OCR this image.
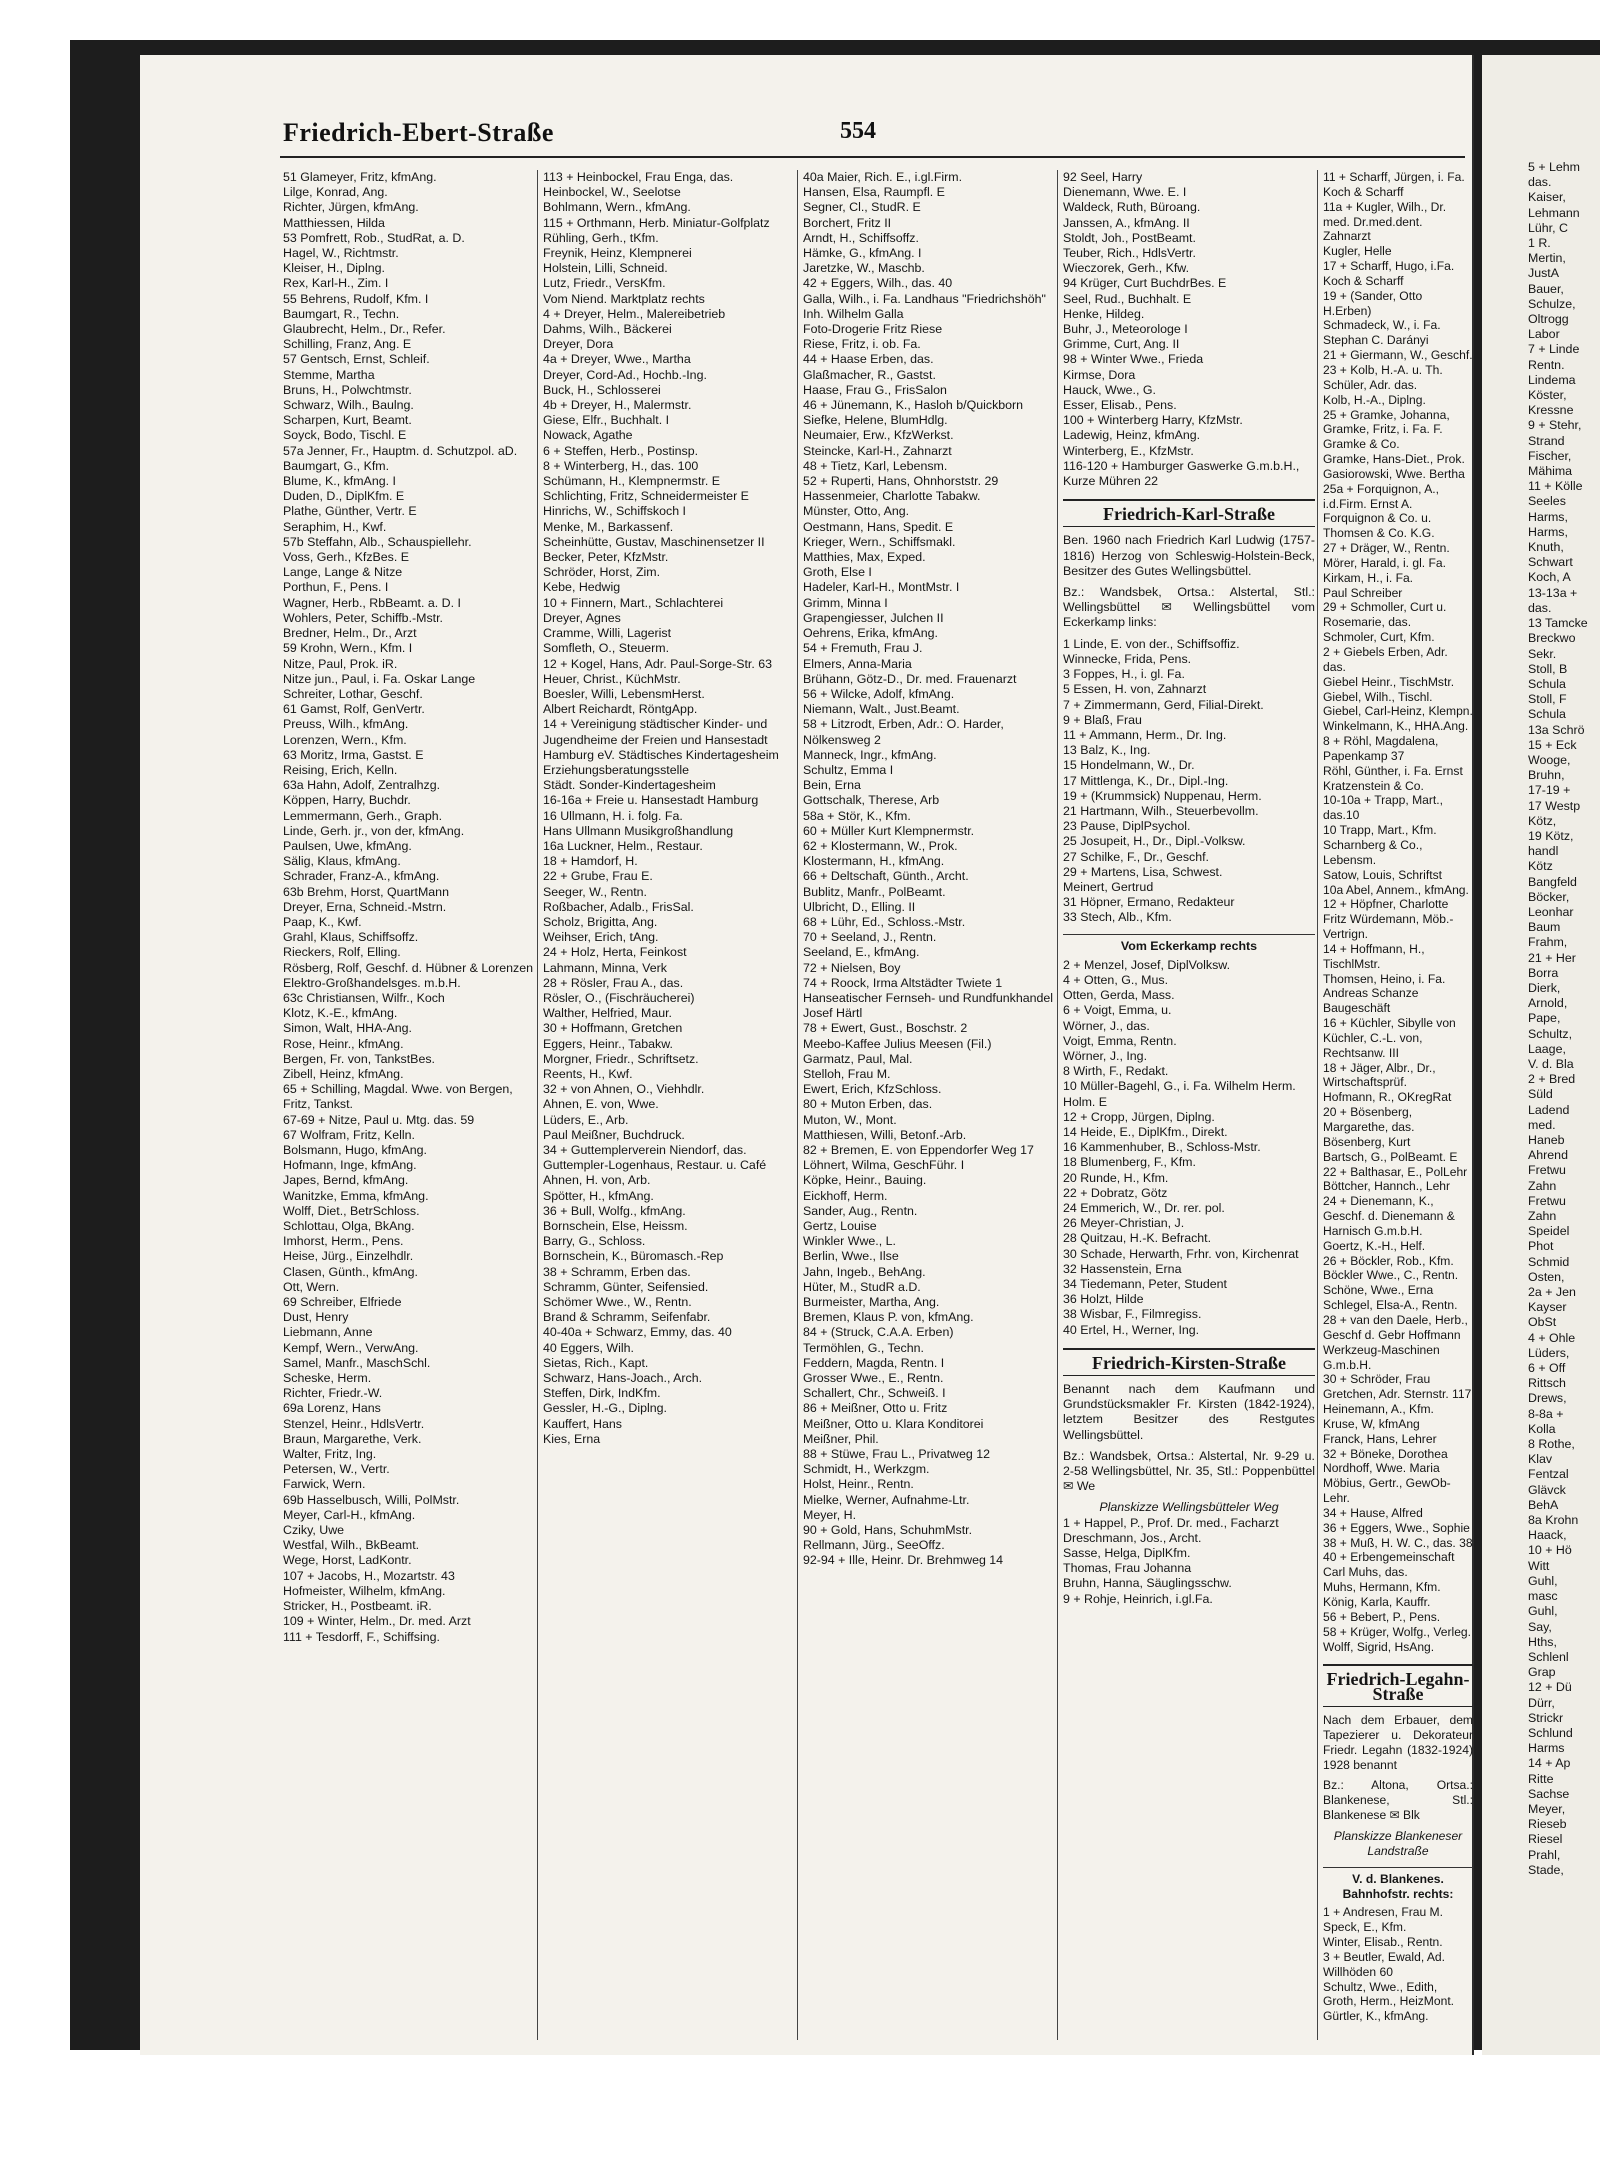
Friedrich-Ebert-Straße	554

51 Glameyer, Fritz, kfmAng.

Lilge, Konrad, Ang.

Richter, Jürgen, kfmAng.

Matthiessen, Hilda

53 Pomfrett, Rob., StudRat, a. D.

Hagel, W., Richtmstr.

Kleiser, H., Diplng.

Rex, Karl-H., Zim. I

55 Behrens, Rudolf, Kfm. I

Baumgart, R., Techn.

Glaubrecht, Helm., Dr., Refer.

Schilling, Franz, Ang. E

57 Gentsch, Ernst, Schleif.

Stemme, Martha

Bruns, H., Polwchtmstr.

Schwarz, Wilh., Baulng.

Scharpen, Kurt, Beamt.

Soyck, Bodo, Tischl. E

57a Jenner, Fr., Hauptm. d. Schutzpol. aD.

Baumgart, G., Kfm.

Blume, K., kfmAng. I

Duden, D., DiplKfm. E

Plathe, Günther, Vertr. E

Seraphim, H., Kwf.

57b Steffahn, Alb., Schauspiellehr.

Voss, Gerh., KfzBes. E

Lange, Lange & Nitze

Porthun, F., Pens. I

Wagner, Herb., RbBeamt. a. D. I

Wohlers, Peter, Schiffb.-Mstr.

Bredner, Helm., Dr., Arzt

59 Krohn, Wern., Kfm. I

Nitze, Paul, Prok. iR.

Nitze jun., Paul, i. Fa. Oskar Lange

Schreiter, Lothar, Geschf.

61 Gamst, Rolf, GenVertr.

Preuss, Wilh., kfmAng.

Lorenzen, Wern., Kfm.

63 Moritz, Irma, Gastst. E

Reising, Erich, Kelln.

63a Hahn, Adolf, Zentralhzg.

Köppen, Harry, Buchdr.

Lemmermann, Gerh., Graph.

Linde, Gerh. jr., von der, kfmAng.

Paulsen, Uwe, kfmAng.

Sälig, Klaus, kfmAng.

Schrader, Franz-A., kfmAng.

63b Brehm, Horst, QuartMann

Dreyer, Erna, Schneid.-Mstrn.

Paap, K., Kwf.

Grahl, Klaus, Schiffsoffz.

Rieckers, Rolf, Elling.

Rösberg, Rolf, Geschf. d. Hübner & Lorenzen Elektro-Großhandelsges. m.b.H.

63c Christiansen, Wilfr., Koch

Klotz, K.-E., kfmAng.

Simon, Walt, HHA-Ang.

Rose, Heinr., kfmAng.

Bergen, Fr. von, TankstBes.

Zibell, Heinz, kfmAng.

65 + Schilling, Magdal. Wwe. von Bergen, Fritz, Tankst.

67-69 + Nitze, Paul u. Mtg. das. 59

67 Wolfram, Fritz, Kelln.

Bolsmann, Hugo, kfmAng.

Hofmann, Inge, kfmAng.

Japes, Bernd, kfmAng.

Wanitzke, Emma, kfmAng.

Wolff, Diet., BetrSchloss.

Schlottau, Olga, BkAng.

Imhorst, Herm., Pens.

Heise, Jürg., Einzelhdlr.

Clasen, Günth., kfmAng.

Ott, Wern.

69 Schreiber, Elfriede

Dust, Henry

Liebmann, Anne

Kempf, Wern., VerwAng.

Samel, Manfr., MaschSchl.

Scheske, Herm.

Richter, Friedr.-W.

69a Lorenz, Hans

Stenzel, Heinr., HdlsVertr.

Braun, Margarethe, Verk.

Walter, Fritz, Ing.

Petersen, W., Vertr.

Farwick, Wern.

69b Hasselbusch, Willi, PolMstr.

Meyer, Carl-H., kfmAng.

Cziky, Uwe

Westfal, Wilh., BkBeamt.

Wege, Horst, LadKontr.

107 + Jacobs, H., Mozartstr. 43

Hofmeister, Wilhelm, kfmAng.

Stricker, H., Postbeamt. iR.

109 + Winter, Helm., Dr. med. Arzt

111 + Tesdorff, F., Schiffsing.

113 + Heinbockel, Frau Enga, das.

Heinbockel, W., Seelotse

Bohlmann, Wern., kfmAng.

115 + Orthmann, Herb. Miniatur-Golfplatz

Rühling, Gerh., tKfm.

Freynik, Heinz, Klempnerei

Holstein, Lilli, Schneid.

Lutz, Friedr., VersKfm.

Vom Niend. Marktplatz rechts

4 + Dreyer, Helm., Malereibetrieb

Dahms, Wilh., Bäckerei

Dreyer, Dora

4a + Dreyer, Wwe., Martha

Dreyer, Cord-Ad., Hochb.-Ing.

Buck, H., Schlosserei

4b + Dreyer, H., Malermstr.

Giese, Elfr., Buchhalt. I

Nowack, Agathe

6 + Steffen, Herb., Postinsp.

8 + Winterberg, H., das. 100

Schümann, H., Klempnermstr. E

Schlichting, Fritz, Schneidermeister E

Hinrichs, W., Schiffskoch I

Menke, M., Barkassenf.

Scheinhütte, Gustav, Maschinensetzer II

Becker, Peter, KfzMstr.

Schröder, Horst, Zim.

Kebe, Hedwig

10 + Finnern, Mart., Schlachterei

Dreyer, Agnes

Cramme, Willi, Lagerist

Somfleth, O., Steuerm.

12 + Kogel, Hans, Adr. Paul-Sorge-Str. 63

Heuer, Christ., KüchMstr.

Boesler, Willi, LebensmHerst.

Albert Reichardt, RöntgApp.

14 + Vereinigung städtischer Kinder- und Jugendheime der Freien und Hansestadt Hamburg eV. Städtisches Kindertagesheim

Erziehungsberatungsstelle

Städt. Sonder-Kindertagesheim

16-16a + Freie u. Hansestadt Hamburg

16 Ullmann, H. i. folg. Fa.

Hans Ullmann Musikgroßhandlung

16a Luckner, Helm., Restaur.

18 + Hamdorf, H.

22 + Grube, Frau E.

Seeger, W., Rentn.

Roßbacher, Adalb., FrisSal.

Scholz, Brigitta, Ang.

Weihser, Erich, tAng.

24 + Holz, Herta, Feinkost

Lahmann, Minna, Verk

28 + Rösler, Frau A., das.

Rösler, O., (Fischräucherei)

Walther, Helfried, Maur.

30 + Hoffmann, Gretchen

Eggers, Heinr., Tabakw.

Morgner, Friedr., Schriftsetz.

Reents, H., Kwf.

32 + von Ahnen, O., Viehhdlr.

Ahnen, E. von, Wwe.

Lüders, E., Arb.

Paul Meißner, Buchdruck.

34 + Guttemplerverein Niendorf, das.

Guttempler-Logenhaus, Restaur. u. Café

Ahnen, H. von, Arb.

Spötter, H., kfmAng.

36 + Bull, Wolfg., kfmAng.

Bornschein, Else, Heissm.

Barry, G., Schloss.

Bornschein, K., Büromasch.-Rep

38 + Schramm, Erben das.

Schramm, Günter, Seifensied.

Schömer Wwe., W., Rentn.

Brand & Schramm, Seifenfabr.

40-40a + Schwarz, Emmy, das. 40

40 Eggers, Wilh.

Sietas, Rich., Kapt.

Schwarz, Hans-Joach., Arch.

Steffen, Dirk, IndKfm.

Gessler, H.-G., Diplng.

Kauffert, Hans

Kies, Erna

40a Maier, Rich. E., i.gl.Firm.

Hansen, Elsa, Raumpfl. E

Segner, Cl., StudR. E

Borchert, Fritz II

Arndt, H., Schiffsoffz.

Hämke, G., kfmAng. I

Jaretzke, W., Maschb.

42 + Eggers, Wilh., das. 40

Galla, Wilh., i. Fa. Landhaus "Friedrichshöh"

Inh. Wilhelm Galla

Foto-Drogerie Fritz Riese

Riese, Fritz, i. ob. Fa.

44 + Haase Erben, das.

Glaßmacher, R., Gastst.

Haase, Frau G., FrisSalon

46 + Jünemann, K., Hasloh b/Quickborn

Siefke, Helene, BlumHdlg.

Neumaier, Erw., KfzWerkst.

Steincke, Karl-H., Zahnarzt

48 + Tietz, Karl, Lebensm.

52 + Ruperti, Hans, Ohnhorststr. 29

Hassenmeier, Charlotte Tabakw.

Münster, Otto, Ang.

Oestmann, Hans, Spedit. E

Krieger, Wern., Schiffsmakl.

Matthies, Max, Exped.

Groth, Else I

Hadeler, Karl-H., MontMstr. I

Grimm, Minna I

Grapengiesser, Julchen II

Oehrens, Erika, kfmAng.

54 + Fremuth, Frau J.

Elmers, Anna-Maria

Brühann, Götz-D., Dr. med. Frauenarzt

56 + Wilcke, Adolf, kfmAng.

Niemann, Walt., Just.Beamt.

58 + Litzrodt, Erben, Adr.: O. Harder, Nölkensweg 2

Manneck, Ingr., kfmAng.

Schultz, Emma I

Bein, Erna

Gottschalk, Therese, Arb

58a + Stör, K., Kfm.

60 + Müller Kurt Klempnermstr.

62 + Klostermann, W., Prok.

Klostermann, H., kfmAng.

66 + Deltschaft, Günth., Archt.

Bublitz, Manfr., PolBeamt.

Ulbricht, D., Elling. II

68 + Lühr, Ed., Schloss.-Mstr.

70 + Seeland, J., Rentn.

Seeland, E., kfmAng.

72 + Nielsen, Boy

74 + Roock, Irma Altstädter Twiete 1

Hanseatischer Fernseh- und Rundfunkhandel Josef Härtl

78 + Ewert, Gust., Boschstr. 2

Meebo-Kaffee Julius Meesen (Fil.)

Garmatz, Paul, Mal.

Stelloh, Frau M.

Ewert, Erich, KfzSchloss.

80 + Muton Erben, das.

Muton, W., Mont.

Matthiesen, Willi, Betonf.-Arb.

82 + Bremen, E. von Eppendorfer Weg 17

Löhnert, Wilma, GeschFühr. I

Köpke, Heinr., Bauing.

Eickhoff, Herm.

Sander, Aug., Rentn.

Gertz, Louise

Winkler Wwe., L.

Berlin, Wwe., Ilse

Jahn, Ingeb., BehAng.

Hüter, M., StudR a.D.

Burmeister, Martha, Ang.

Bremen, Klaus P. von, kfmAng.

84 + (Struck, C.A.A. Erben)

Termöhlen, G., Techn.

Feddern, Magda, Rentn. I

Grosser Wwe., E., Rentn.

Schallert, Chr., Schweiß. I

86 + Meißner, Otto u. Fritz

Meißner, Otto u. Klara Konditorei

Meißner, Phil.

88 + Stüwe, Frau L., Privatweg 12

Schmidt, H., Werkzgm.

Holst, Heinr., Rentn.

Mielke, Werner, Aufnahme-Ltr.

Meyer, H.

90 + Gold, Hans, SchuhmMstr.

Rellmann, Jürg., SeeOffz.

92-94 + Ille, Heinr. Dr. Brehmweg 14

92 Seel, Harry

Dienemann, Wwe. E. I

Waldeck, Ruth, Büroang.

Janssen, A., kfmAng. II

Stoldt, Joh., PostBeamt.

Teuber, Rich., HdlsVertr.

Wieczorek, Gerh., Kfw.

94 Krüger, Curt BuchdrBes. E

Seel, Rud., Buchhalt. E

Henke, Hildeg.

Buhr, J., Meteorologe I

Grimme, Curt, Ang. II

98 + Winter Wwe., Frieda

Kirmse, Dora

Hauck, Wwe., G.

Esser, Elisab., Pens.

100 + Winterberg Harry, KfzMstr.

Ladewig, Heinz, kfmAng.

Winterberg, E., KfzMstr.

116-120 + Hamburger Gaswerke G.m.b.H., Kurze Mühren 22

Friedrich-Karl-Straße
Ben. 1960 nach Friedrich Karl Ludwig (1757-1816) Herzog von Schleswig-Holstein-Beck, Besitzer des Gutes Wellingsbüttel.
Bz.: Wandsbek, Ortsa.: Alstertal, Stl.: Wellingsbüttel ✉ Wellingsbüttel vom Eckerkamp links:

1 Linde, E. von der., Schiffsoffiz.

Winnecke, Frida, Pens.

3 Foppes, H., i. gl. Fa.

5 Essen, H. von, Zahnarzt

7 + Zimmermann, Gerd, Filial-Direkt.

9 + Blaß, Frau

11 + Ammann, Herm., Dr. Ing.

13 Balz, K., Ing.

15 Hondelmann, W., Dr.

17 Mittlenga, K., Dr., Dipl.-Ing.

19 + (Krummsick) Nuppenau, Herm.

21 Hartmann, Wilh., Steuerbevollm.

23 Pause, DiplPsychol.

25 Josupeit, H., Dr., Dipl.-Volksw.

27 Schilke, F., Dr., Geschf.

29 + Martens, Lisa, Schwest.

Meinert, Gertrud

31 Höpner, Ermano, Redakteur

33 Stech, Alb., Kfm.

Vom Eckerkamp rechts

2 + Menzel, Josef, DiplVolksw.

4 + Otten, G., Mus.

Otten, Gerda, Mass.

6 + Voigt, Emma, u.

Wörner, J., das.

Voigt, Emma, Rentn.

Wörner, J., Ing.

8 Wirth, F., Redakt.

10 Müller-Bagehl, G., i. Fa. Wilhelm Herm. Holm. E

12 + Cropp, Jürgen, Diplng.

14 Heide, E., DiplKfm., Direkt.

16 Kammenhuber, B., Schloss-Mstr.

18 Blumenberg, F., Kfm.

20 Runde, H., Kfm.

22 + Dobratz, Götz

24 Emmerich, W., Dr. rer. pol.

26 Meyer-Christian, J.

28 Quitzau, H.-K. Befracht.

30 Schade, Herwarth, Frhr. von, Kirchenrat

32 Hassenstein, Erna

34 Tiedemann, Peter, Student

36 Holzt, Hilde

38 Wisbar, F., Filmregiss.

40 Ertel, H., Werner, Ing.

Friedrich-Kirsten-Straße
Benannt nach dem Kaufmann und Grundstücksmakler Fr. Kirsten (1842-1924), letztem Besitzer des Restgutes Wellingsbüttel.
Bz.: Wandsbek, Ortsa.: Alstertal, Nr. 9-29 u. 2-58 Wellingsbüttel, Nr. 35, Stl.: Poppenbüttel ✉ We
Planskizze Wellingsbütteler Weg

1 + Happel, P., Prof. Dr. med., Facharzt

Dreschmann, Jos., Archt.

Sasse, Helga, DiplKfm.

Thomas, Frau Johanna

Bruhn, Hanna, Säuglingsschw.

9 + Rohje, Heinrich, i.gl.Fa.

11 + Scharff, Jürgen, i. Fa. Koch & Scharff

11a + Kugler, Wilh., Dr. med. Dr.med.dent. Zahnarzt

Kugler, Helle

17 + Scharff, Hugo, i.Fa. Koch & Scharff

19 + (Sander, Otto H.Erben)

Schmadeck, W., i. Fa. Stephan C. Darányi

21 + Giermann, W., Geschf.

23 + Kolb, H.-A. u. Th. Schüler, Adr. das.

Kolb, H.-A., Diplng.

25 + Gramke, Johanna,

Gramke, Fritz, i. Fa. F. Gramke & Co.

Gramke, Hans-Diet., Prok.

Gasiorowski, Wwe. Bertha

25a + Forquignon, A., i.d.Firm. Ernst A. Forquignon & Co. u. Thomsen & Co. K.G.

27 + Dräger, W., Rentn.

Mörer, Harald, i. gl. Fa.

Kirkam, H., i. Fa.

Paul Schreiber

29 + Schmoller, Curt u. Rosemarie, das.

Schmoler, Curt, Kfm.

2 + Giebels Erben, Adr. das.

Giebel Heinr., TischMstr.

Giebel, Wilh., Tischl.

Giebel, Carl-Heinz, Klempn.

Winkelmann, K., HHA.Ang.

8 + Röhl, Magdalena, Papenkamp 37

Röhl, Günther, i. Fa. Ernst Kratzenstein & Co.

10-10a + Trapp, Mart., das.10

10 Trapp, Mart., Kfm.

Scharnberg & Co., Lebensm.

Satow, Louis, Schriftst

10a Abel, Annem., kfmAng.

12 + Höpfner, Charlotte

Fritz Würdemann, Möb.-Vertrign.

14 + Hoffmann, H., TischlMstr.

Thomsen, Heino, i. Fa. Andreas Schanze Baugeschäft

16 + Küchler, Sibylle von

Küchler, C.-L. von, Rechtsanw. III

18 + Jäger, Albr., Dr., Wirtschaftsprüf.

Hofmann, R., OKregRat

20 + Bösenberg, Margarethe, das.

Bösenberg, Kurt

Bartsch, G., PolBeamt. E

22 + Balthasar, E., PolLehr

Böttcher, Hannch., Lehr

24 + Dienemann, K., Geschf. d. Dienemann & Harnisch G.m.b.H.

Goertz, K.-H., Helf.

26 + Böckler, Rob., Kfm.

Böckler Wwe., C., Rentn.

Schöne, Wwe., Erna

Schlegel, Elsa-A., Rentn.

28 + van den Daele, Herb., Geschf d. Gebr Hoffmann Werkzeug-Maschinen G.m.b.H.

30 + Schröder, Frau Gretchen, Adr. Sternstr. 117

Heinemann, A., Kfm.

Kruse, W, kfmAng

Franck, Hans, Lehrer

32 + Böneke, Dorothea

Nordhoff, Wwe. Maria

Möbius, Gertr., GewOb-Lehr.

34 + Hause, Alfred

36 + Eggers, Wwe., Sophie

38 + Muß, H. W. C., das. 38

40 + Erbengemeinschaft

Carl Muhs, das.

Muhs, Hermann, Kfm.

König, Karla, Kauffr.

56 + Bebert, P., Pens.

58 + Krüger, Wolfg., Verleg.

Wolff, Sigrid, HsAng.

Friedrich-Legahn-Straße
Nach dem Erbauer, dem Tapezierer u. Dekorateur Friedr. Legahn (1832-1924) 1928 benannt
Bz.: Altona, Ortsa.: Blankenese, Stl.: Blankenese ✉ Blk
Planskizze Blankeneser Landstraße
V. d. Blankenes. Bahnhofstr. rechts:

1 + Andresen, Frau M.

Speck, E., Kfm.

Winter, Elisab., Rentn.

3 + Beutler, Ewald, Ad. Willhöden 60

Schultz, Wwe., Edith,

Groth, Herm., HeizMont.

Gürtler, K., kfmAng.

5 + Lehm

das.

Kaiser,

Lehmann

Lühr, C

1 R.

Mertin,

JustA

Bauer,

Schulze,

Oltrogg

Labor

7 + Linde

Rentn.

Lindema

Köster,

Kressne

9 + Stehr,

Strand

Fischer,

Mähima

11 + Kölle

Seeles

Harms,

Harms,

Knuth,

Schwart

Koch, A

13-13a +

das.

13 Tamcke

Breckwo

Sekr.

Stoll, B

Schula

Stoll, F

Schula

13a Schrö

15 + Eck

Wooge,

Bruhn,

17-19 +

17 Westp

Kötz,

19 Kötz,

handl

Kötz

Bangfeld

Böcker,

Leonhar

Baum

Frahm,

21 + Her

Borra

Dierk,

Arnold,

Pape,

Schultz,

Laage,

V. d. Bla

2 + Bred

Süld

Ladend

med.

Haneb

Ahrend

Fretwu

Zahn

Fretwu

Zahn

Speidel

Phot

Schmid

Osten,

2a + Jen

Kayser

ObSt

4 + Ohle

Lüders,

6 + Off

Rittsch

Drews,

8-8a +

Kolla

8 Rothe,

Klav

Fentzal

Glävck

BehA

8a Krohn

Haack,

10 + Hö

Witt

Guhl,

masc

Guhl,

Say,

Hths,

Schlenl

Grap

12 + Dü

Dürr,

Strickr

Schlund

Harms

14 + Ap

Ritte

Sachse

Meyer,

Rieseb

Riesel

Prahl,

Stade,
